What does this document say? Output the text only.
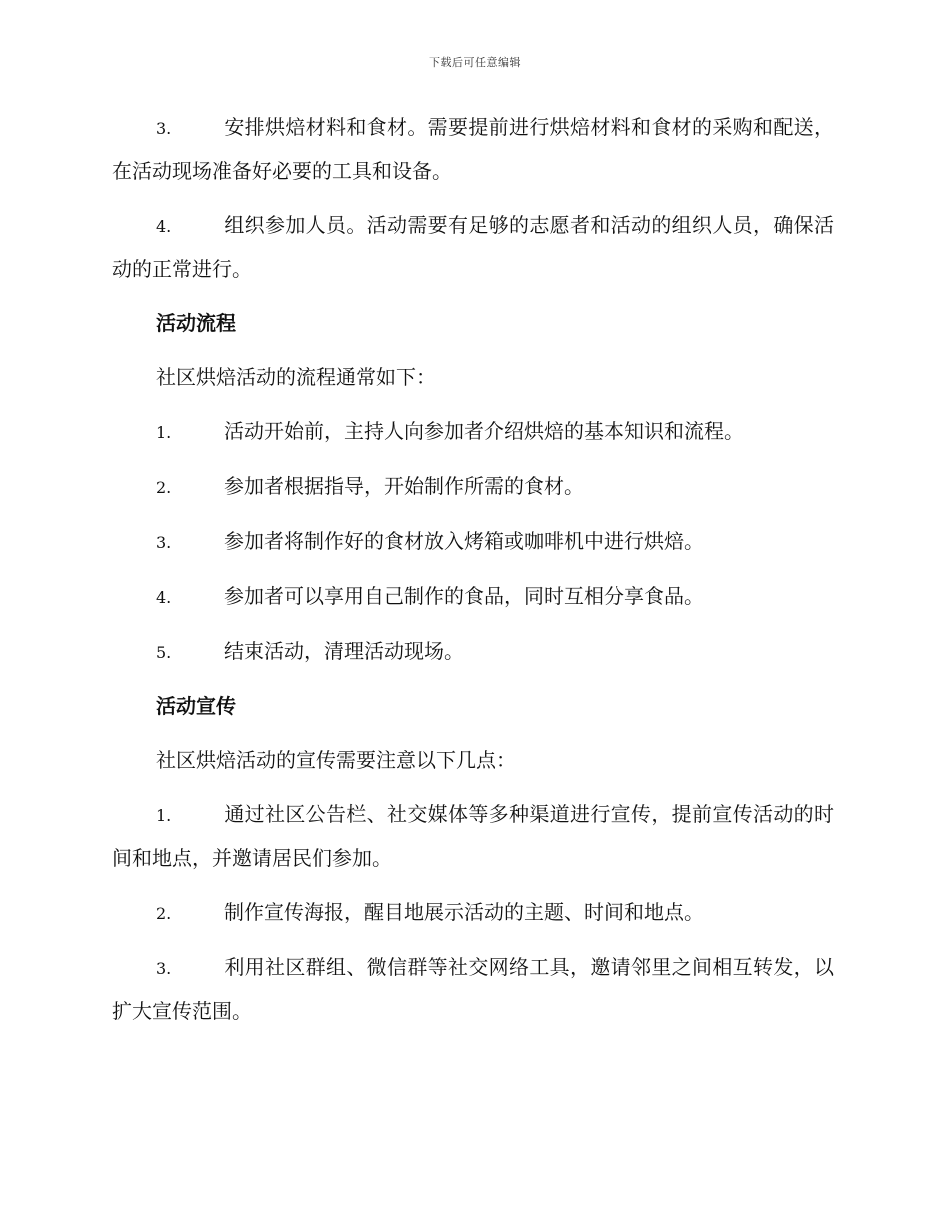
下载后可任意编辑

3.	安排烘焙材料和食材。需要提前进行烘焙材料和食材的采购和配送，在活动现场准备好必要的工具和设备。

4.	组织参加人员。活动需要有足够的志愿者和活动的组织人员，确保活动的正常进行。

活动流程

社区烘焙活动的流程通常如下：

1.	活动开始前，主持人向参加者介绍烘焙的基本知识和流程。

2.	参加者根据指导，开始制作所需的食材。

3.	参加者将制作好的食材放入烤箱或咖啡机中进行烘焙。

4.	参加者可以享用自己制作的食品，同时互相分享食品。

5.	结束活动，清理活动现场。

活动宣传

社区烘焙活动的宣传需要注意以下几点：

1.	通过社区公告栏、社交媒体等多种渠道进行宣传，提前宣传活动的时间和地点，并邀请居民们参加。

2.	制作宣传海报，醒目地展示活动的主题、时间和地点。

3.	利用社区群组、微信群等社交网络工具，邀请邻里之间相互转发，以扩大宣传范围。
